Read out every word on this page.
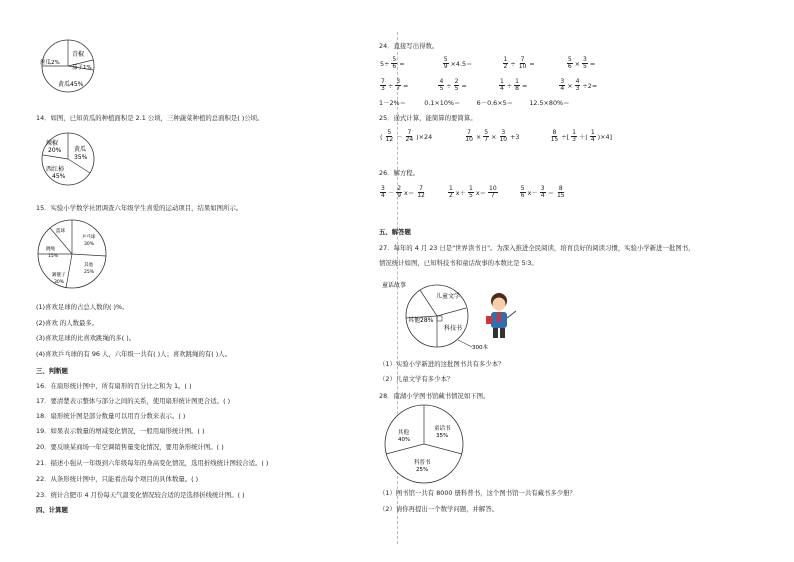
青椒
丝瓜2%
茄子1%
黄瓜45%
14．如图，已知黄瓜的种植面积是 2.1 公顷，三种蔬菜种植的总面积是( )公顷。
辣椒
20% 黄瓜
35%
西红柿
45%
15．实验小学数学社团调查六年级学生喜爱的运动项目，结果如图所示。
篮球
乒乓球
30%
跳绳
15%
其他
25%
踢毽子
30%
(1)喜欢足球的占总人数的( )%。
(2)喜欢 的人数最多。
(3)喜欢足球的比喜欢跳绳的多( )。
(4)喜欢乒乓球的有 96 人，六年级一共有( )人；喜欢跳绳的有( )人。
三、判断题
16．在扇形统计图中，所有扇形的百分比之和为 1。( )
17．要清楚表示整体与部分之间的关系，使用扇形统计图更合适。( )
18．扇形统计图是部分数量可以用百分数来表示。( )
19．如果表示数量的增减变化情况，一般用扇形统计图。( )
20．要反映某商场一年空调销售量变化情况，要用条形统计图。( )
21．描述小强从一年级到六年级每年的身高变化情况，选用折线统计图较合适。( )
22．从条形统计图中，只能看出每个项目的具体数量。( )
23．统计合肥市 4 月份每天气温变化情况较合适的是选择折线统计图。( )
四、计算题
24．直接写出得数。
$5\div \frac{5}{6}$ =	$\frac{5}{9} \times 4.5=$	$\frac{1}{2} \div \frac{7}{10}$ =	$\frac{5}{6} \times \frac{3}{5}$ =
$\frac{7}{3} \div \frac{3}{7}$ =	$\frac{4}{5} \div \frac{2}{5}$ =	$\frac{1}{4} \div \frac{1}{8}$ =	$\frac{3}{4} \times \frac{4}{3} \div 2=$
1－2%＝         0.1×10%＝        6－0.6×5＝        12.5×80%＝
25．递式计算，能简算的要简算。
( $\frac{5}{12} - \frac{7}{24} )\times 24$	$\frac{7}{10} \times \frac{5}{7} \times \frac{3}{10} +3$	$\frac{8}{15}$ ÷[ $\frac{1}{3}$ ＋( $\frac{1}{4} )\times 4$]
26．解方程。
$\frac{3}{4} - \frac{2}{9} x= \frac{7}{12}$
	$\frac{1}{2} x+ \frac{1}{5} x= \frac{10}{7}$
	$\frac{5}{6} x- \frac{3}{4} = \frac{8}{15}$
五、解答题
27．每年的 4 月 23 日是"世界读书日"。为深入推进全民阅读，培育良好的阅读习惯，实验小学新进一批图书，
情况统计如图，已知科技书和童话故事的本数比是 5∶3。
童话故事
儿童文学
其他28%
科技书
300本
（1）实验小学新进的这批图书共有多少本？
（2）儿童文学有多少本？
28．南湖小学图书馆藏书情况如下图。
其他
40%
童话书
35%
科普书
25%
（1）图书馆一共有 8000 册科普书，这个图书馆一共有藏书多少册？
（2）请你再提出一个数学问题，并解答。
